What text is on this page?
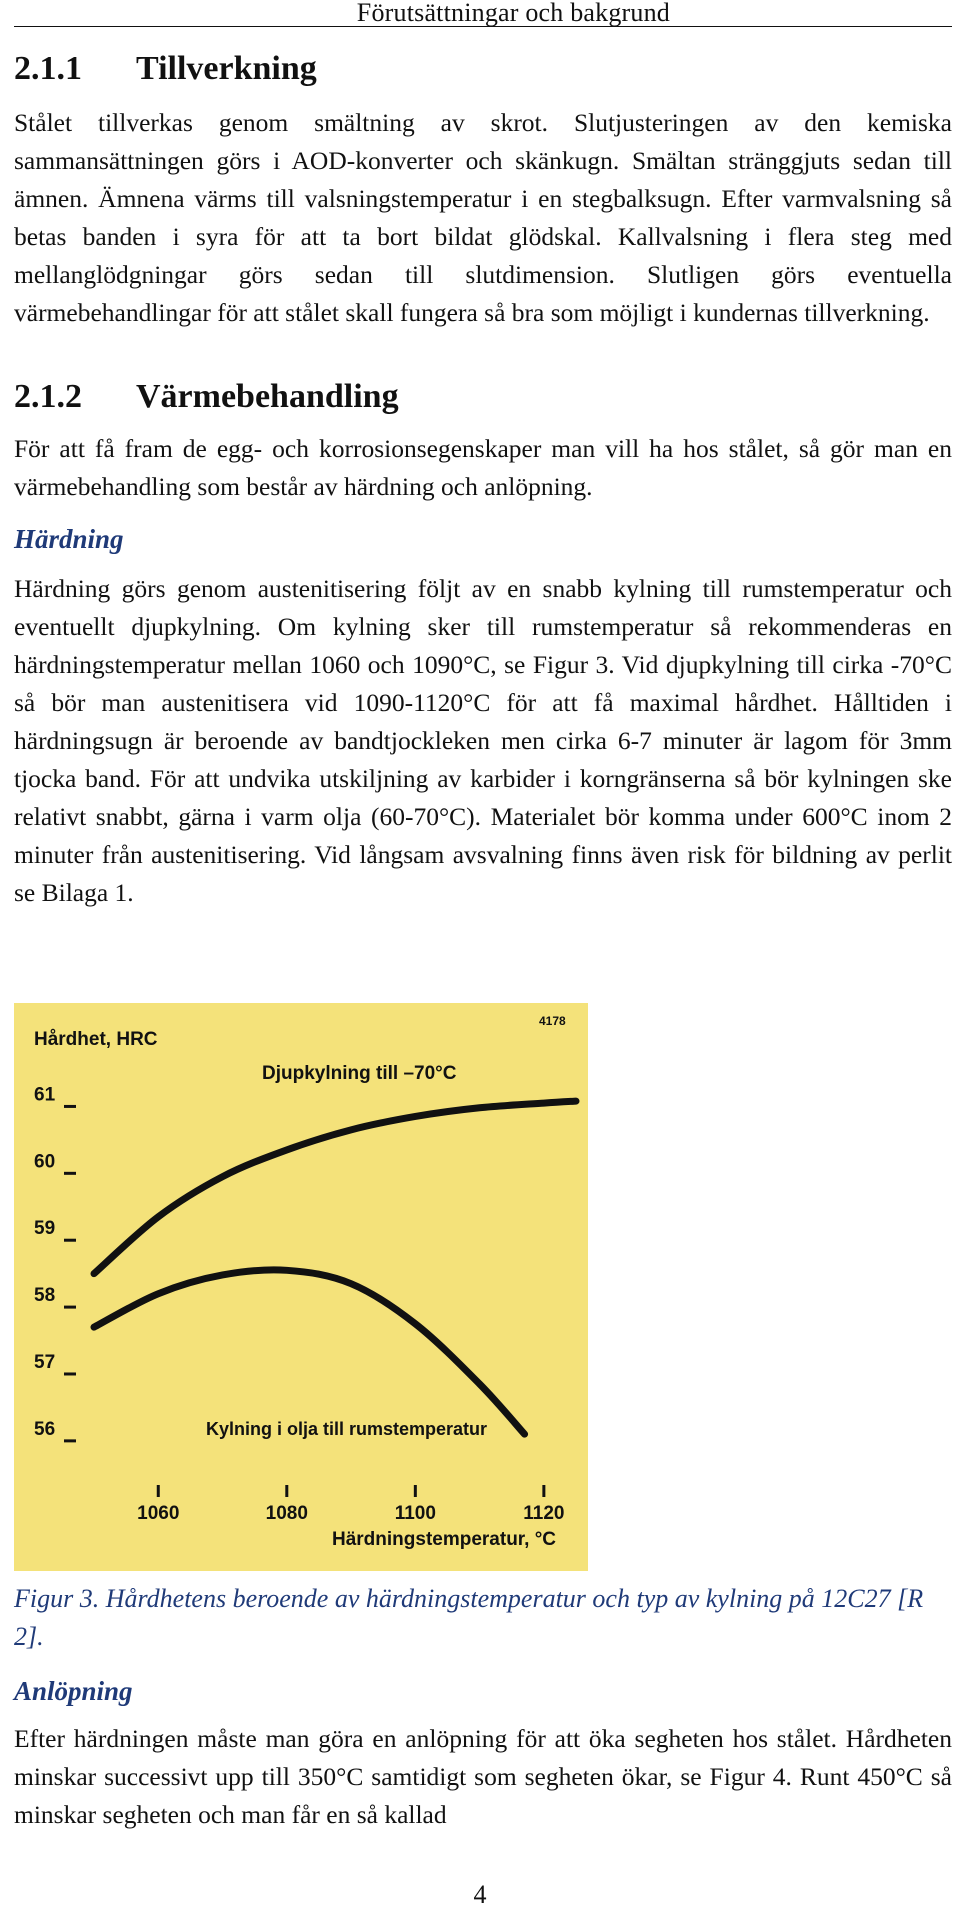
Förutsättningar och bakgrund
2.1.1 Tillverkning
Stålet tillverkas genom smältning av skrot. Slutjusteringen av den kemiska sammansättningen görs i AOD-konverter och skänkugn. Smältan stränggjuts sedan till ämnen. Ämnena värms till valsningstemperatur i en stegbalksugn. Efter varmvalsning så betas banden i syra för att ta bort bildat glödskal. Kallvalsning i flera steg med mellanglödgningar görs sedan till slutdimension. Slutligen görs eventuella värmebehandlingar för att stålet skall fungera så bra som möjligt i kundernas tillverkning.
2.1.2 Värmebehandling
För att få fram de egg- och korrosionsegenskaper man vill ha hos stålet, så gör man en värmebehandling som består av härdning och anlöpning.
Härdning
Härdning görs genom austenitisering följt av en snabb kylning till rumstemperatur och eventuellt djupkylning. Om kylning sker till rumstemperatur så rekommenderas en härdningstemperatur mellan 1060 och 1090°C, se Figur 3. Vid djupkylning till cirka -70°C så bör man austenitisera vid 1090-1120°C för att få maximal hårdhet. Hålltiden i härdningsugn är beroende av bandtjockleken men cirka 6-7 minuter är lagom för 3mm tjocka band. För att undvika utskiljning av karbider i korngränserna så bör kylningen ske relativt snabbt, gärna i varm olja (60-70°C). Materialet bör komma under 600°C inom 2 minuter från austenitisering. Vid långsam avsvalning finns även risk för bildning av perlit se Bilaga 1.
4178
Hårdhet, HRC
Härdningstemperatur, °C
Djupkylning till –70°C
Kylning i olja till rumstemperatur
56
57
58
59
60
61
1060	1080	1100	1120
Figur 3. Hårdhetens beroende av härdningstemperatur och typ av kylning på 12C27 [R 2].
Anlöpning
Efter härdningen måste man göra en anlöpning för att öka segheten hos stålet. Hårdheten minskar successivt upp till 350°C samtidigt som segheten ökar, se Figur 4. Runt 450°C så minskar segheten och man får en så kallad
4
